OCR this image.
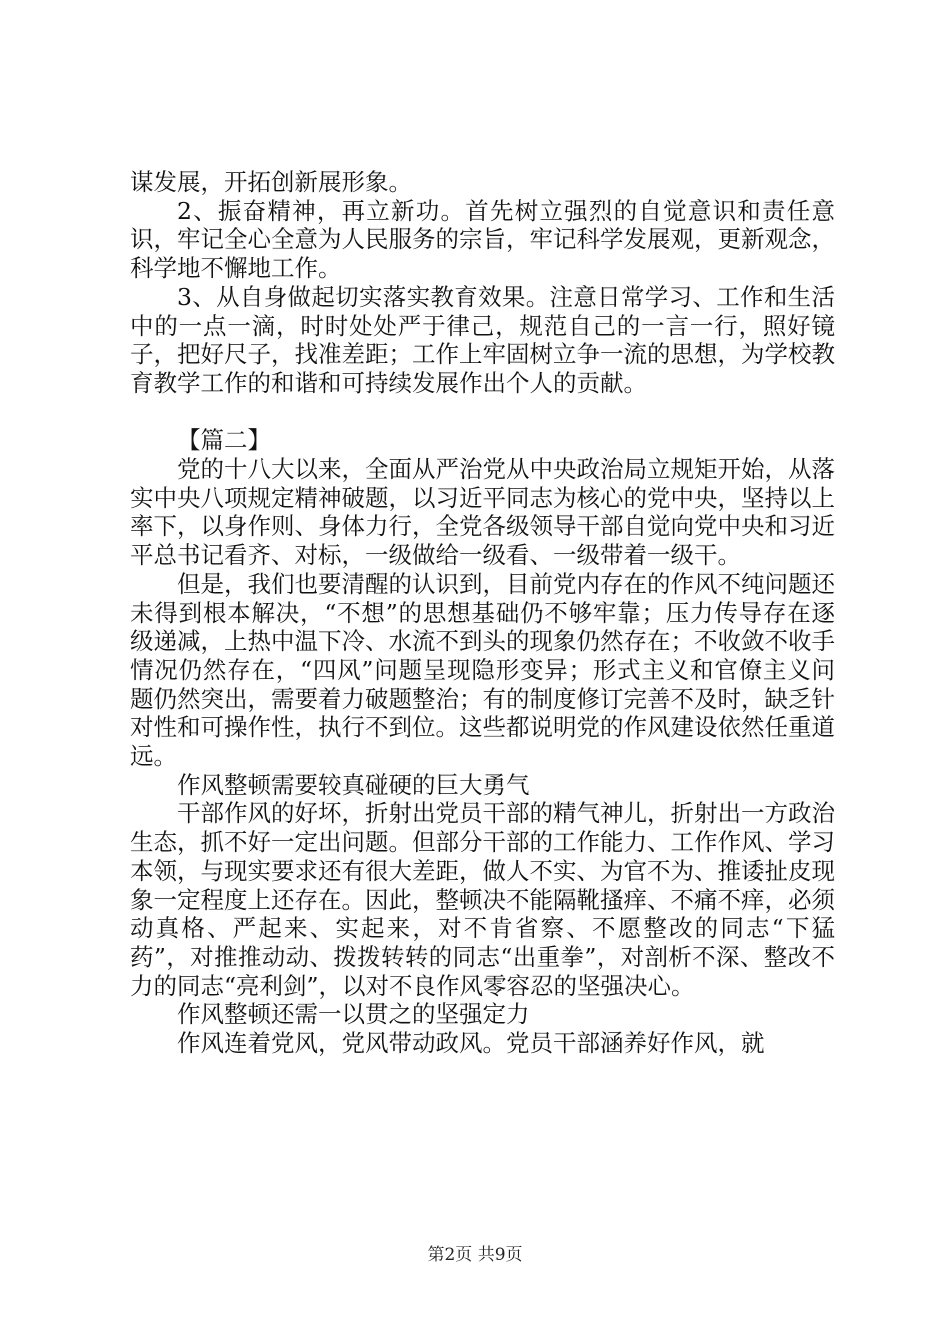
谋发展，开拓创新展形象。

2、振奋精神，再立新功。首先树立强烈的自觉意识和责任意识，牢记全心全意为人民服务的宗旨，牢记科学发展观，更新观念，科学地不懈地工作。

3、从自身做起切实落实教育效果。注意日常学习、工作和生活中的一点一滴，时时处处严于律己，规范自己的一言一行，照好镜子，把好尺子，找准差距；工作上牢固树立争一流的思想，为学校教育教学工作的和谐和可持续发展作出个人的贡献。

【篇二】

党的十八大以来，全面从严治党从中央政治局立规矩开始，从落实中央八项规定精神破题，以习近平同志为核心的党中央，坚持以上率下，以身作则、身体力行，全党各级领导干部自觉向党中央和习近平总书记看齐、对标，一级做给一级看、一级带着一级干。

但是，我们也要清醒的认识到，目前党内存在的作风不纯问题还未得到根本解决，“不想”的思想基础仍不够牢靠；压力传导存在逐级递减，上热中温下冷、水流不到头的现象仍然存在；不收敛不收手情况仍然存在，“四风”问题呈现隐形变异；形式主义和官僚主义问题仍然突出，需要着力破题整治；有的制度修订完善不及时，缺乏针对性和可操作性，执行不到位。这些都说明党的作风建设依然任重道远。

作风整顿需要较真碰硬的巨大勇气

干部作风的好坏，折射出党员干部的精气神儿，折射出一方政治生态，抓不好一定出问题。但部分干部的工作能力、工作作风、学习本领，与现实要求还有很大差距，做人不实、为官不为、推诿扯皮现象一定程度上还存在。因此，整顿决不能隔靴搔痒、不痛不痒，必须动真格、严起来、实起来，对不肯省察、不愿整改的同志“下猛药”，对推推动动、拨拨转转的同志“出重拳”，对剖析不深、整改不力的同志“亮利剑”，以对不良作风零容忍的坚强决心。

作风整顿还需一以贯之的坚强定力

作风连着党风，党风带动政风。党员干部涵养好作风，就

第2页 共9页
